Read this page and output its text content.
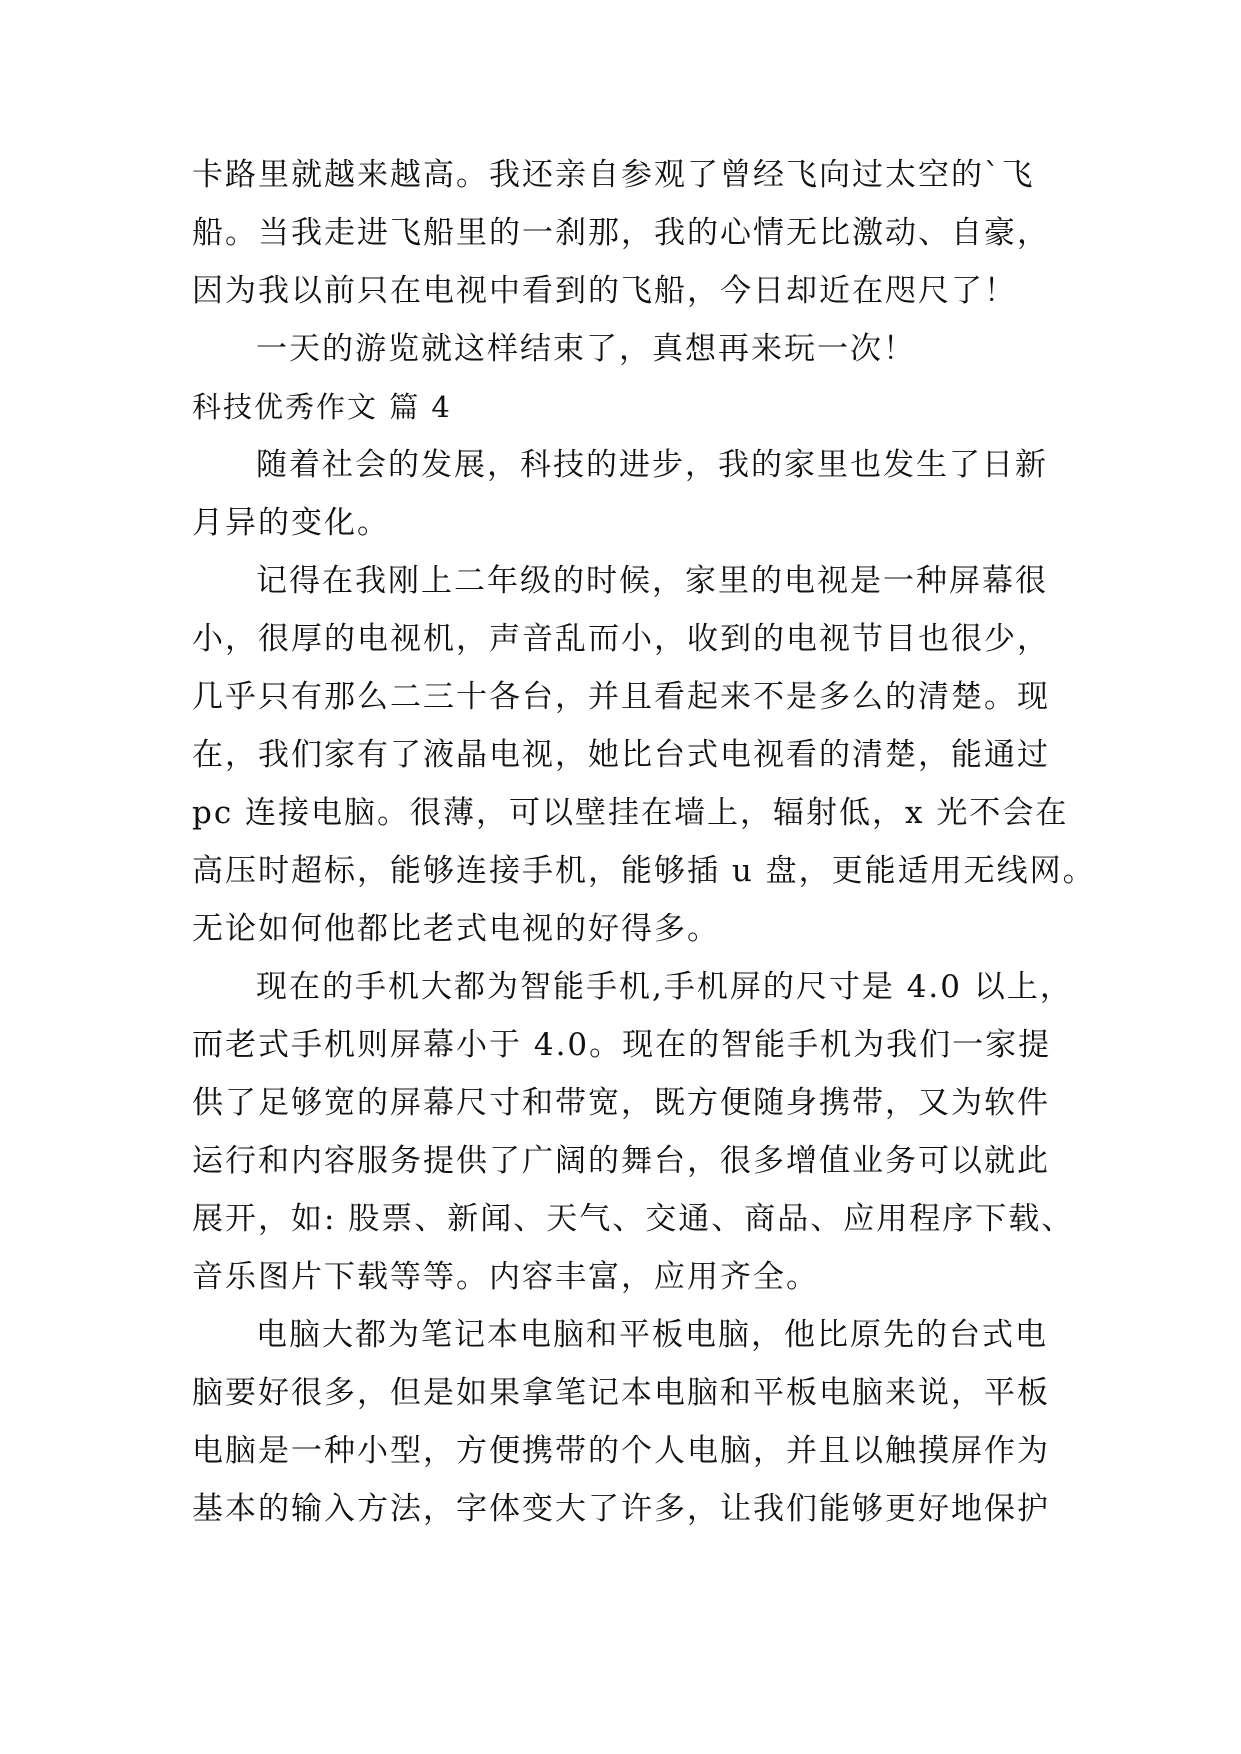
卡路里就越来越高。我还亲自参观了曾经飞向过太空的`飞
船。当我走进飞船里的一刹那，我的心情无比激动、自豪，
因为我以前只在电视中看到的飞船，今日却近在咫尺了！
一天的游览就这样结束了，真想再来玩一次！
科技优秀作文 篇 4
随着社会的发展，科技的进步，我的家里也发生了日新
月异的变化。
记得在我刚上二年级的时候，家里的电视是一种屏幕很
小，很厚的电视机，声音乱而小，收到的电视节目也很少，
几乎只有那么二三十各台，并且看起来不是多么的清楚。现
在，我们家有了液晶电视，她比台式电视看的清楚，能通过
pc 连接电脑。很薄，可以壁挂在墙上，辐射低，x 光不会在
高压时超标，能够连接手机，能够插 u 盘，更能适用无线网。
无论如何他都比老式电视的好得多。
现在的手机大都为智能手机,手机屏的尺寸是 4.0 以上，
而老式手机则屏幕小于 4.0。现在的智能手机为我们一家提
供了足够宽的屏幕尺寸和带宽，既方便随身携带，又为软件
运行和内容服务提供了广阔的舞台，很多增值业务可以就此
展开，如: 股票、新闻、天气、交通、商品、应用程序下载、
音乐图片下载等等。内容丰富，应用齐全。
电脑大都为笔记本电脑和平板电脑，他比原先的台式电
脑要好很多，但是如果拿笔记本电脑和平板电脑来说，平板
电脑是一种小型，方便携带的个人电脑，并且以触摸屏作为
基本的输入方法，字体变大了许多，让我们能够更好地保护
